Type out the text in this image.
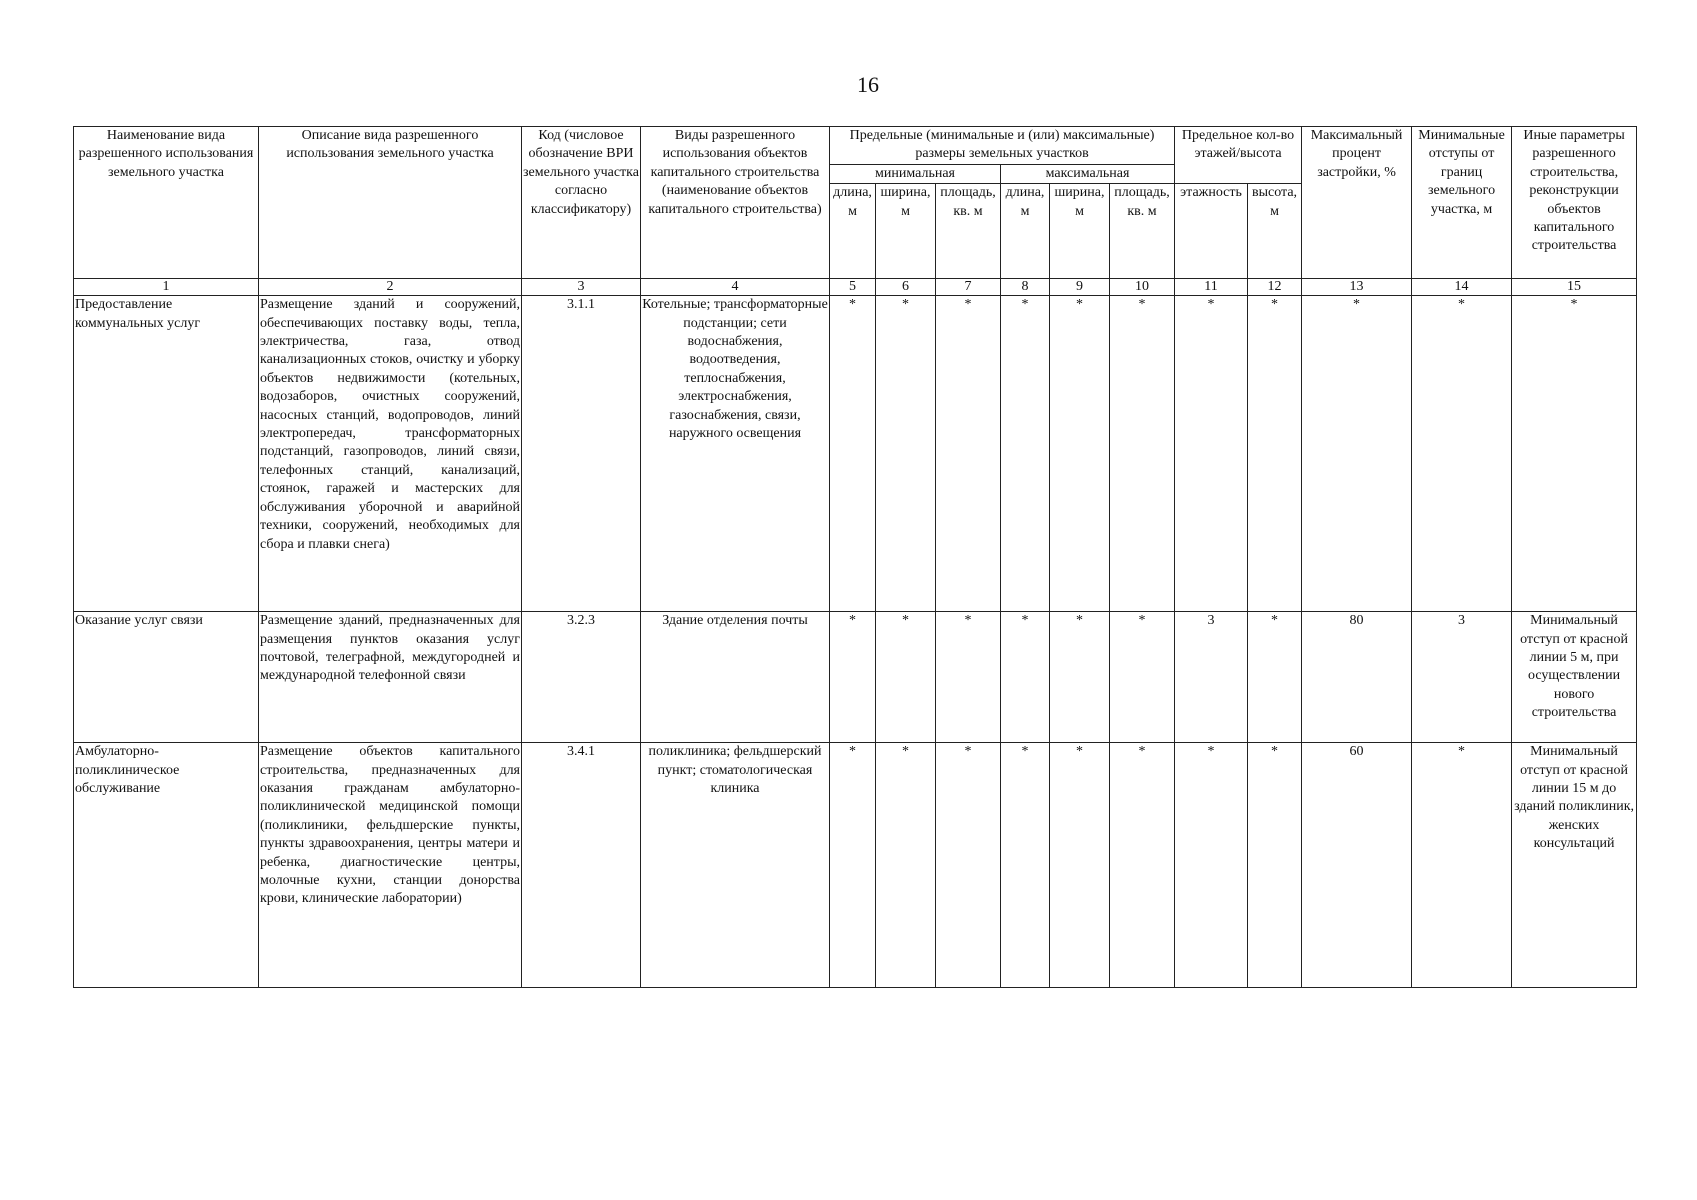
16
Наименование вида разрешенного использования земельного участка	Описание вида разрешенного использования земельного участка	Код (числовое обозначение ВРИ земельного участка согласно классификатору)	Виды разрешенного использования объектов капитального строительства (наименование объектов капитального строительства)	Предельные (минимальные и (или) максимальные) размеры земельных участков						Предельное кол-во этажей/высота		Максимальный процент застройки, %	Минимальные отступы от границ земельного участка, м	Иные параметры разрешенного строительства, реконструкции объектов капитального строительства
				минимальная			максимальная							
				длина, м	ширина, м	площадь, кв. м	длина, м	ширина, м	площадь, кв. м	этажность	высота, м			
1	2	3	4	5	6	7	8	9	10	11	12	13	14	15
Предоставление коммунальных услуг	Размещение зданий и сооружений, обеспечивающих поставку воды, тепла, электричества, газа, отвод канализационных стоков, очистку и уборку объектов недвижимости (котельных, водозаборов, очистных сооружений, насосных станций, водопроводов, линий электропередач, трансформаторных подстанций, газопроводов, линий связи, телефонных станций, канализаций, стоянок, гаражей и мастерских для обслуживания уборочной и аварийной техники, сооружений, необходимых для сбора и плавки снега)	3.1.1	Котельные; трансформаторные подстанции; сети водоснабжения, водоотведения, теплоснабжения, электроснабжения, газоснабжения, связи, наружного освещения	*	*	*	*	*	*	*	*	*	*	*
Оказание услуг связи	Размещение зданий, предназначенных для размещения пунктов оказания услуг почтовой, телеграфной, междугородней и международной телефонной связи	3.2.3	Здание отделения почты	*	*	*	*	*	*	3	*	80	3	Минимальный отступ от красной линии 5 м, при осуществлении нового строительства
Амбулаторно-поликлиническое обслуживание	Размещение объектов капитального строительства, предназначенных для оказания гражданам амбулаторно-поликлинической медицинской помощи (поликлиники, фельдшерские пункты, пункты здравоохранения, центры матери и ребенка, диагностические центры, молочные кухни, станции донорства крови, клинические лаборатории)	3.4.1	поликлиника; фельдшерский пункт; стоматологическая клиника	*	*	*	*	*	*	*	*	60	*	Минимальный отступ от красной линии 15 м до зданий поликлиник, женских консультаций
